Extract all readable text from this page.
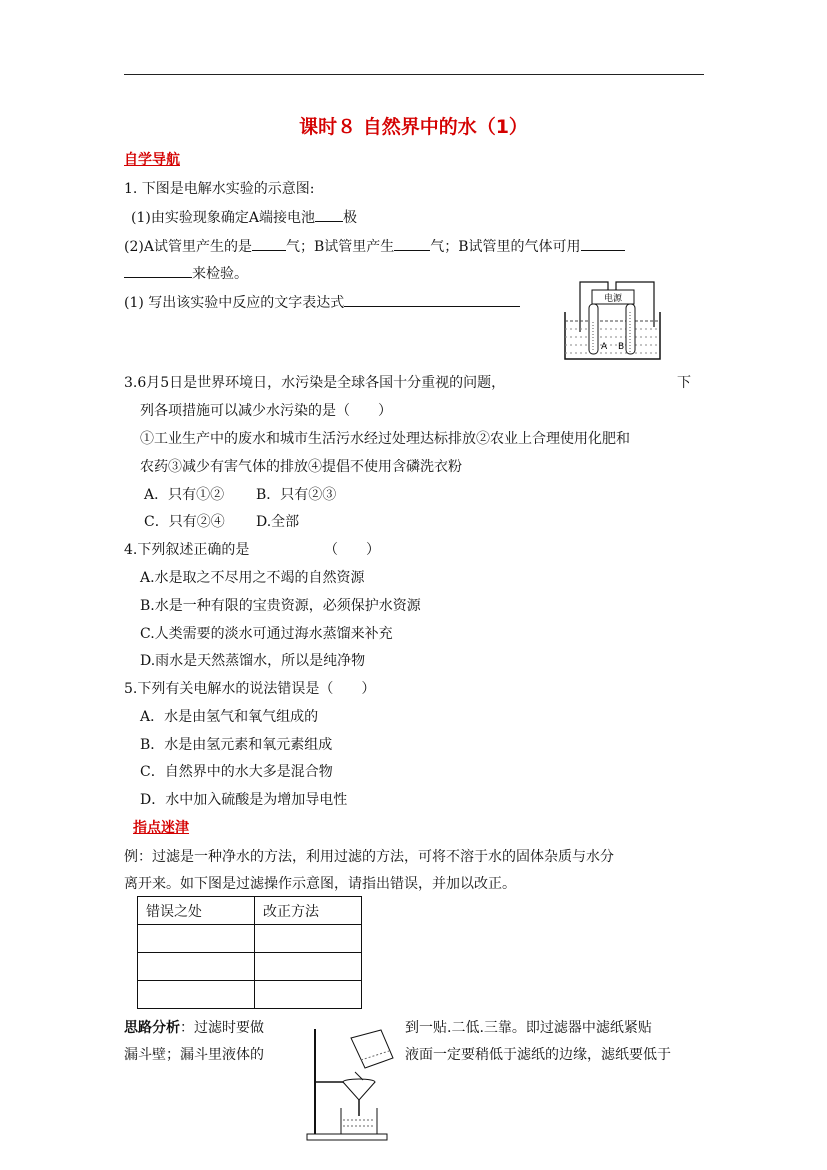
课时８ 自然界中的水（1）
自学导航
1. 下图是电解水实验的示意图:
(1)由实验现象确定A端接电池 极
(2)A试管里产生的是 气；B试管里产生	气；B试管里的气体可用
来检验。
(1) 写出该实验中反应的文字表达式	电源
A B
3.6月5日是世界环境日，水污染是全球各国十分重视的问题，	下
列各项措施可以减少水污染的是（　　）
①工业生产中的废水和城市生活污水经过处理达标排放②农业上合理使用化肥和
农药③减少有害气体的排放④提倡不使用含磷洗衣粉
A．只有①② B．只有②③
C．只有②④ D.全部
4.下列叙述正确的是	（　　）
A.水是取之不尽用之不竭的自然资源
B.水是一种有限的宝贵资源，必须保护水资源
C.人类需要的淡水可通过海水蒸馏来补充
D.雨水是天然蒸馏水，所以是纯净物
5.下列有关电解水的说法错误是（　　）
A．水是由氢气和氧气组成的
B．水是由氢元素和氧元素组成
C．自然界中的水大多是混合物
D．水中加入硫酸是为增加导电性
指点迷津
例：过滤是一种净水的方法，利用过滤的方法，可将不溶于水的固体杂质与水分
离开来。如下图是过滤操作示意图，请指出错误，并加以改正。
错误之处	改正方法

思路分析：过滤时要做	到一贴.二低.三靠。即过滤器中滤纸紧贴
漏斗壁；漏斗里液体的	液面一定要稍低于滤纸的边缘，滤纸要低于
